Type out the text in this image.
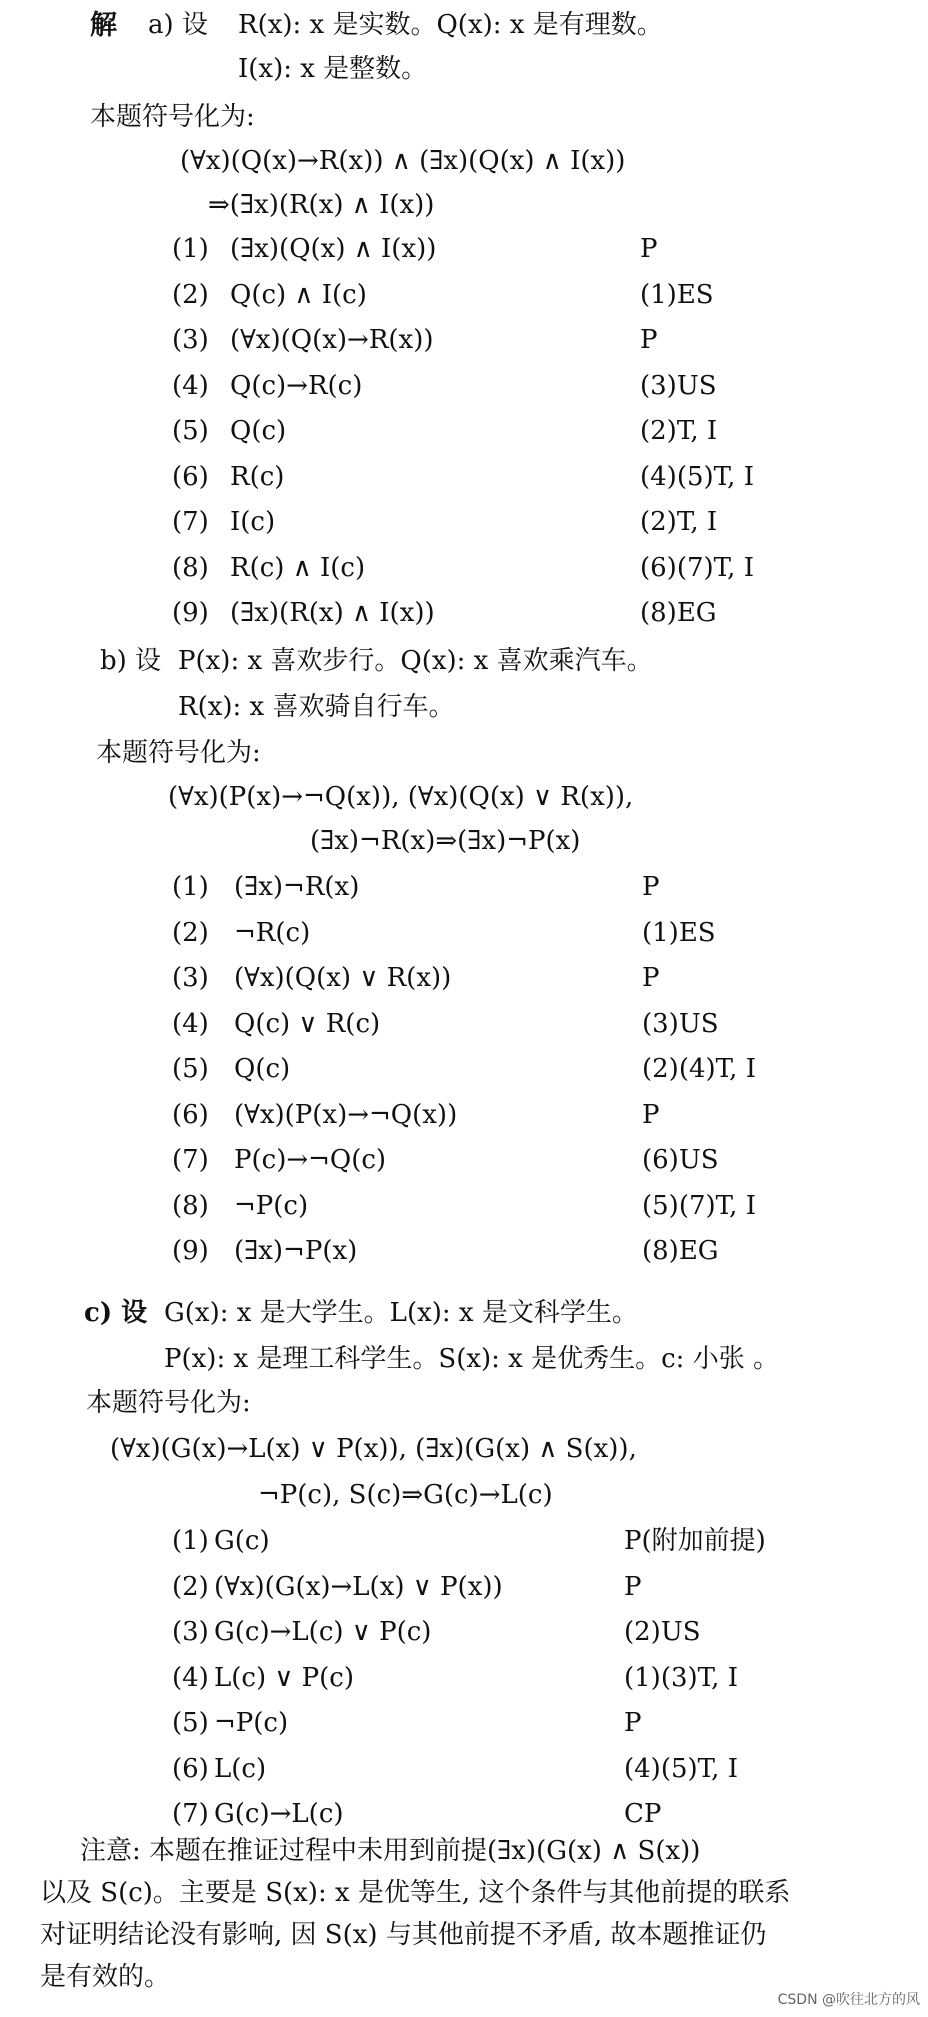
解 a) 设 R(x): x 是实数。Q(x): x 是有理数。
I(x): x 是整数。
本题符号化为:
(∀x)(Q(x)→R(x)) ∧ (∃x)(Q(x) ∧ I(x))
⇒(∃x)(R(x) ∧ I(x))
(1) (∃x)(Q(x) ∧ I(x))	P
(2) Q(c) ∧ I(c)	(1)ES
(3) (∀x)(Q(x)→R(x))	P
(4) Q(c)→R(c)	(3)US
(5) Q(c)	(2)T, I
(6) R(c)	(4)(5)T, I
(7) I(c)	(2)T, I
(8) R(c) ∧ I(c)	(6)(7)T, I
(9) (∃x)(R(x) ∧ I(x))	(8)EG
b) 设 P(x): x 喜欢步行。Q(x): x 喜欢乘汽车。
R(x): x 喜欢骑自行车。
本题符号化为:
(∀x)(P(x)→¬Q(x)), (∀x)(Q(x) ∨ R(x)),
(∃x)¬R(x)⇒(∃x)¬P(x)
(1) (∃x)¬R(x)	P
(2) ¬R(c)	(1)ES
(3) (∀x)(Q(x) ∨ R(x))	P
(4) Q(c) ∨ R(c)	(3)US
(5) Q(c)	(2)(4)T, I
(6) (∀x)(P(x)→¬Q(x))	P
(7) P(c)→¬Q(c)	(6)US
(8) ¬P(c)	(5)(7)T, I
(9) (∃x)¬P(x)	(8)EG
c) 设 G(x): x 是大学生。L(x): x 是文科学生。
P(x): x 是理工科学生。S(x): x 是优秀生。c: 小张 。
本题符号化为:
(∀x)(G(x)→L(x) ∨ P(x)), (∃x)(G(x) ∧ S(x)),
¬P(c), S(c)⇒G(c)→L(c)
(1) G(c)	P(附加前提)
(2) (∀x)(G(x)→L(x) ∨ P(x))	P
(3) G(c)→L(c) ∨ P(c)	(2)US
(4) L(c) ∨ P(c)	(1)(3)T, I
(5) ¬P(c)	P
(6) L(c)	(4)(5)T, I
(7) G(c)→L(c)	CP
注意: 本题在推证过程中未用到前提(∃x)(G(x) ∧ S(x))
以及 S(c)。主要是 S(x): x 是优等生, 这个条件与其他前提的联系
对证明结论没有影响, 因 S(x) 与其他前提不矛盾, 故本题推证仍
是有效的。
CSDN @吹往北方的风
